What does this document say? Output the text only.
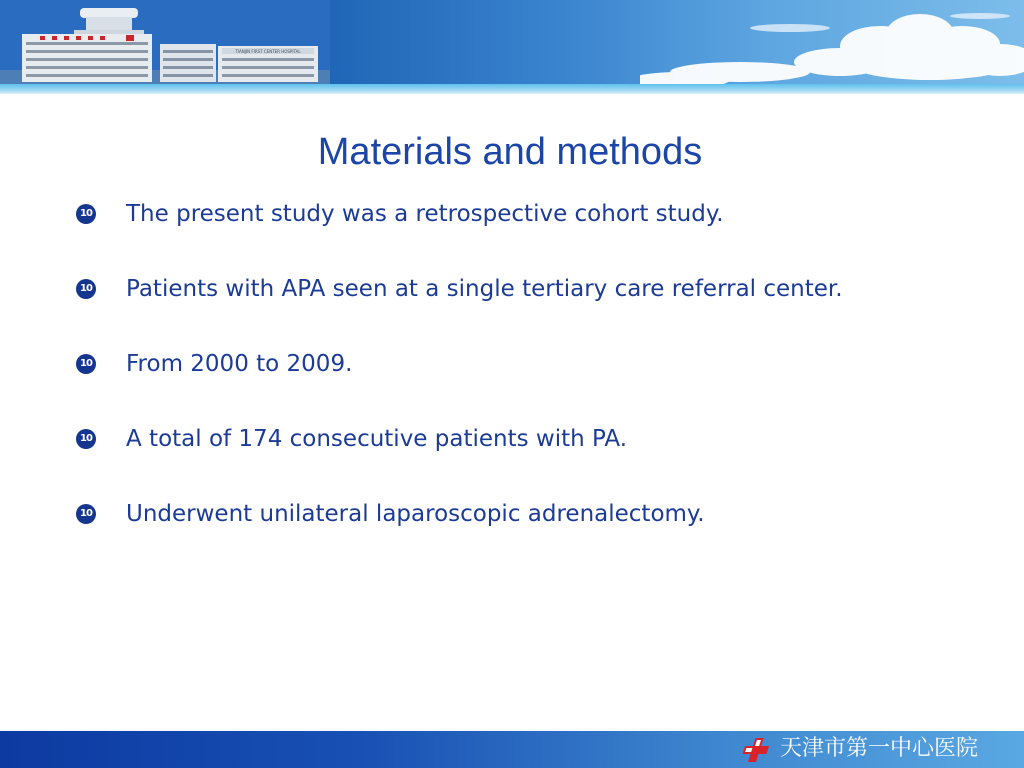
TIANJIN FIRST CENTER HOSPITAL
Materials and methods
10 The present study was a retrospective cohort study.
10 Patients with APA seen at a single tertiary care referral center.
10 From 2000 to 2009.
10 A total of 174 consecutive patients with PA.
10 Underwent unilateral laparoscopic adrenalectomy.
天津市第一中心医院
